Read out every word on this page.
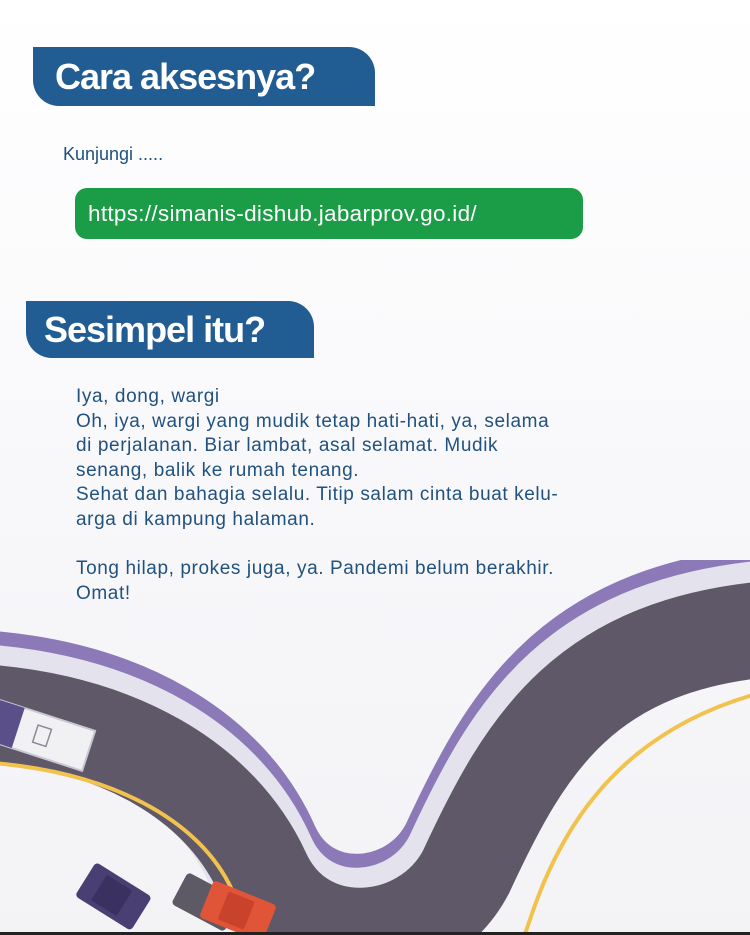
Cara aksesnya?
Kunjungi .....
https://simanis-dishub.jabarprov.go.id/
Sesimpel itu?
Iya, dong, wargi
Oh, iya, wargi yang mudik tetap hati-hati, ya, selama
di perjalanan. Biar lambat, asal selamat. Mudik
senang, balik ke rumah tenang.
Sehat dan bahagia selalu. Titip salam cinta buat kelu-
arga di kampung halaman.
Tong hilap, prokes juga, ya. Pandemi belum berakhir.
Omat!
